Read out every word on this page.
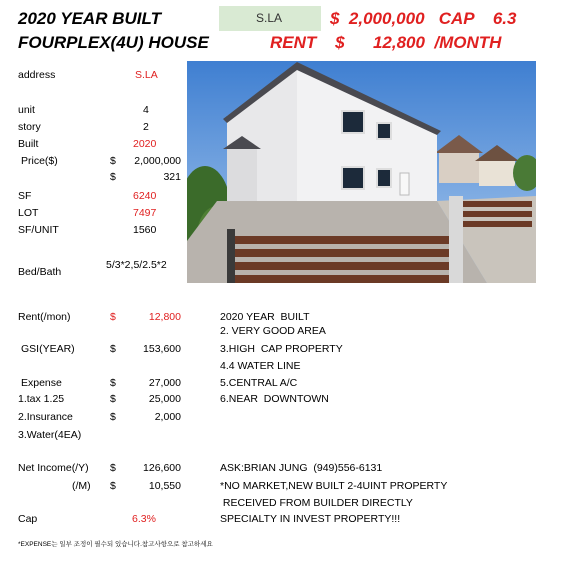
2020 YEAR BUILT
FOURPLEX(4U) HOUSE
S.LA	$  2,000,000   CAP    6.3
RENT    $      12,800  /MONTH
address	S.LA
unit	4
story	2
Built	2020
Price($)	$	2,000,000
$	321
SF	6240
LOT	7497
SF/UNIT	1560
Bed/Bath
5/3*2,5/2.5*2
Rent(/mon)	$	12,800
GSI(YEAR)	$	153,600
Expense	$	27,000
1.tax 1.25	$	25,000
2.Insurance	$	2,000
3.Water(4EA)
Net Income(/Y) $	126,600
(/M) $	10,550
Cap	6.3%
2020 YEAR  BUILT
2. VERY GOOD AREA
3.HIGH  CAP PROPERTY
4.4 WATER LINE
5.CENTRAL A/C
6.NEAR  DOWNTOWN
ASK:BRIAN JUNG  (949)556-6131
*NO MARKET,NEW BUILT 2-4UINT PROPERTY
RECEIVED FROM BUILDER DIRECTLY
SPECIALTY IN INVEST PROPERTY!!!
*EXPENSE는 일부 조정이 필수되 있습니다.참고사항으로 참고하세요
